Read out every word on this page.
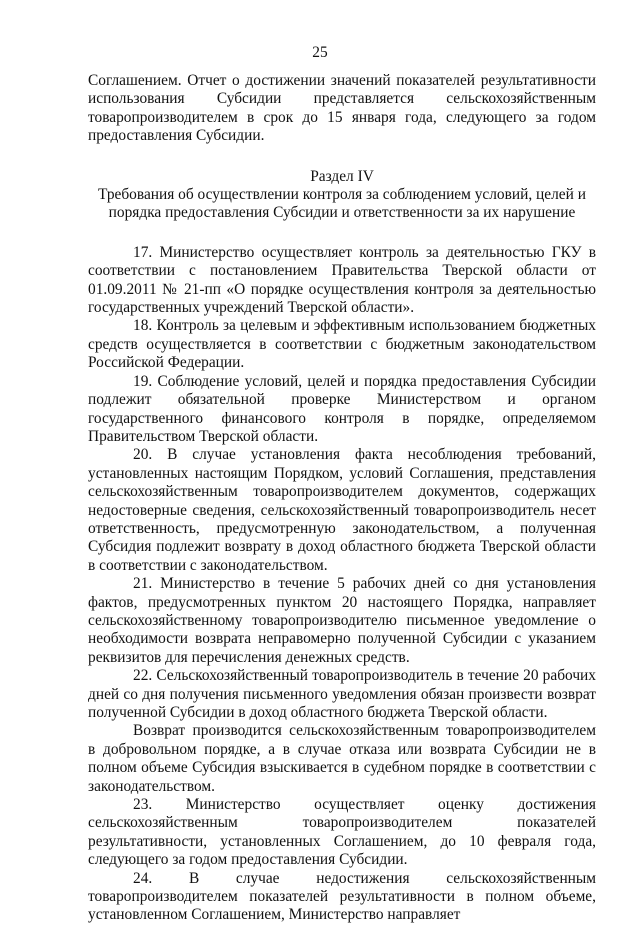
25

Соглашением. Отчет о достижении значений показателей результативности использования Субсидии представляется сельскохозяйственным товаропроизводителем в срок до 15 января года, следующего за годом предоставления Субсидии.

Раздел IV

Требования об осуществлении контроля за соблюдением условий, целей и порядка предоставления Субсидии и ответственности за их нарушение

17. Министерство осуществляет контроль за деятельностью ГКУ в соответствии с постановлением Правительства Тверской области от 01.09.2011 № 21-пп «О порядке осуществления контроля за деятельностью государственных учреждений Тверской области».

18. Контроль за целевым и эффективным использованием бюджетных средств осуществляется в соответствии с бюджетным законодательством Российской Федерации.

19. Соблюдение условий, целей и порядка предоставления Субсидии подлежит обязательной проверке Министерством и органом государственного финансового контроля в порядке, определяемом Правительством Тверской области.

20. В случае установления факта несоблюдения требований, установленных настоящим Порядком, условий Соглашения, представления сельскохозяйственным товаропроизводителем документов, содержащих недостоверные сведения, сельскохозяйственный товаропроизводитель несет ответственность, предусмотренную законодательством, а полученная Субсидия подлежит возврату в доход областного бюджета Тверской области в соответствии с законодательством.

21. Министерство в течение 5 рабочих дней со дня установления фактов, предусмотренных пунктом 20 настоящего Порядка, направляет сельскохозяйственному товаропроизводителю письменное уведомление о необходимости возврата неправомерно полученной Субсидии с указанием реквизитов для перечисления денежных средств.

22. Сельскохозяйственный товаропроизводитель в течение 20 рабочих дней со дня получения письменного уведомления обязан произвести возврат полученной Субсидии в доход областного бюджета Тверской области.

Возврат производится сельскохозяйственным товаропроизводителем в добровольном порядке, а в случае отказа или возврата Субсидии не в полном объеме Субсидия взыскивается в судебном порядке в соответствии с законодательством.

23. Министерство осуществляет оценку достижения сельскохозяйственным товаропроизводителем показателей результативности, установленных Соглашением, до 10 февраля года, следующего за годом предоставления Субсидии.

24. В случае недостижения сельскохозяйственным товаропроизводителем показателей результативности в полном объеме, установленном Соглашением, Министерство направляет
